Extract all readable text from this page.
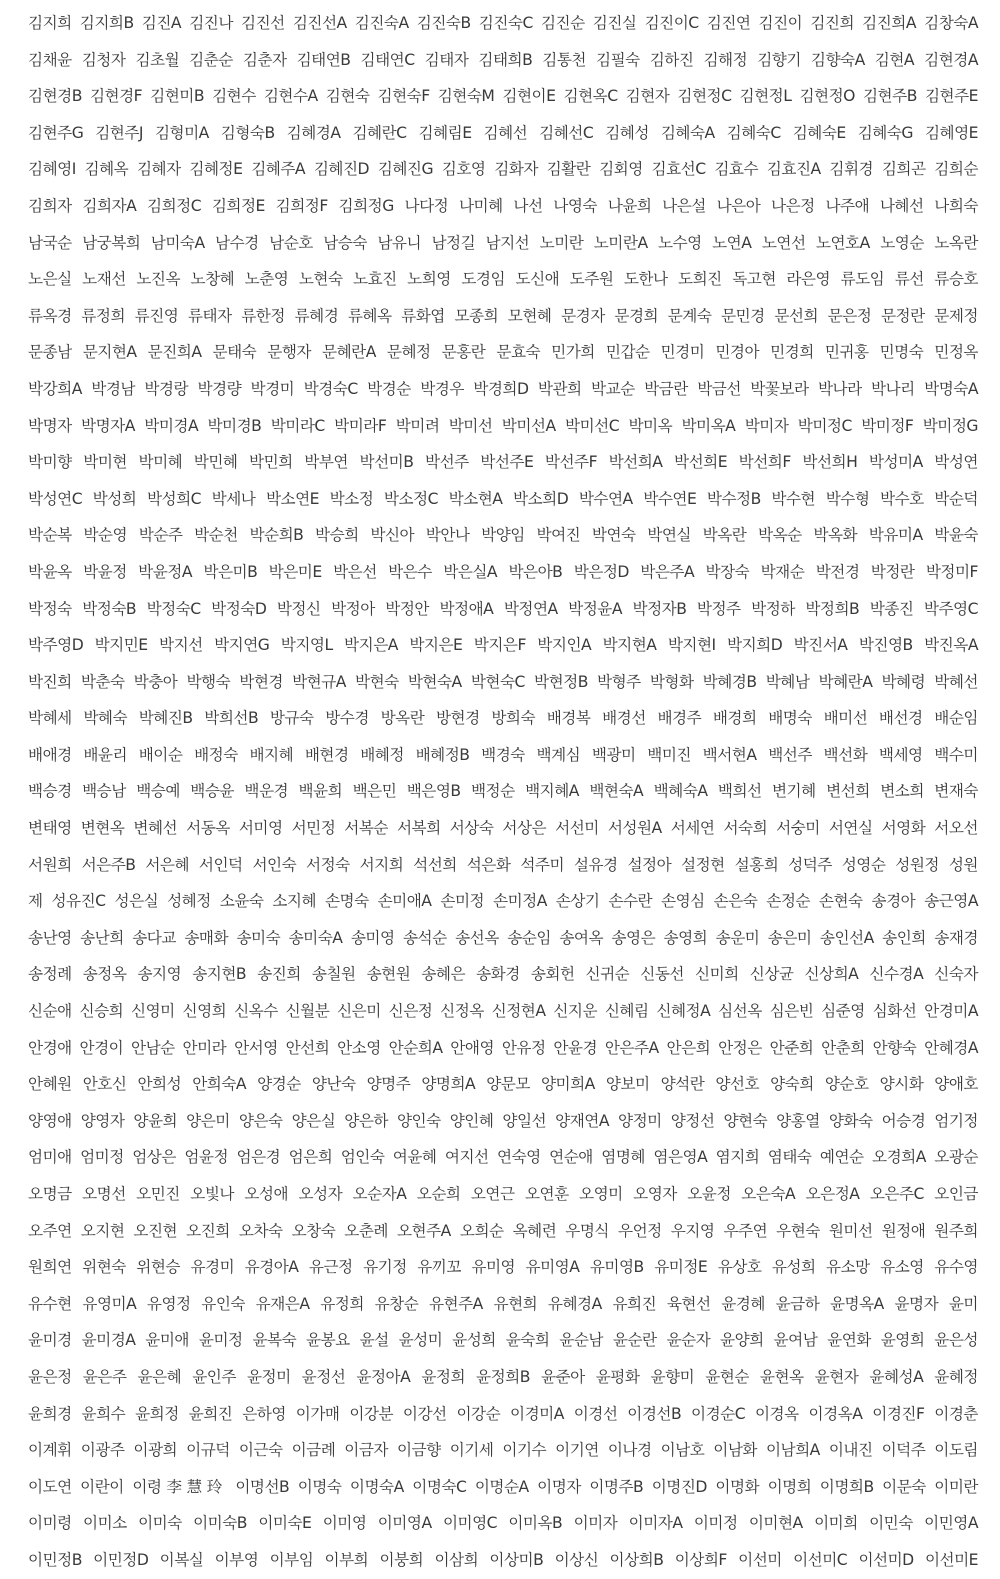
김지희 김지희B 김진A 김진나 김진선 김진선A 김진숙A 김진숙B 김진숙C 김진순 김진실 김진이C 김진연 김진이 김진희 김진희A 김창숙A
김채윤 김청자 김초월 김춘순 김춘자 김태연B 김태연C 김태자 김태희B 김통천 김필숙 김하진 김해정 김향기 김향숙A 김현A 김현경A
김현경B 김현경F 김현미B 김현수 김현수A 김현숙 김현숙F 김현숙M 김현이E 김현옥C 김현자 김현정C 김현정L 김현정O 김현주B 김현주E
김현주G 김현주J 김형미A 김형숙B 김혜경A 김혜란C 김혜림E 김혜선 김혜선C 김혜성 김혜숙A 김혜숙C 김혜숙E 김혜숙G 김혜영E
김혜영I 김혜옥 김혜자 김혜정E 김혜주A 김혜진D 김혜진G 김호영 김화자 김활란 김회영 김효선C 김효수 김효진A 김휘경 김희곤 김희순
김희자 김희자A 김희정C 김희정E 김희정F 김희정G 나다정 나미혜 나선 나영숙 나윤희 나은설 나은아 나은정 나주애 나혜선 나희숙
남국순 남궁복희 남미숙A 남수경 남순호 남승숙 남유니 남정길 남지선 노미란 노미란A 노수영 노연A 노연선 노연호A 노영순 노옥란
노은실 노재선 노진옥 노창혜 노춘영 노현숙 노효진 노희영 도경임 도신애 도주원 도한나 도희진 독고현 라은영 류도임 류선 류승호
류옥경 류정희 류진영 류태자 류한정 류혜경 류혜옥 류화엽 모종희 모현혜 문경자 문경희 문계숙 문민경 문선희 문은정 문정란 문제정
문종남 문지현A 문진희A 문태숙 문행자 문혜란A 문혜정 문홍란 문효숙 민가희 민갑순 민경미 민경아 민경희 민귀홍 민명숙 민정옥
박강희A 박경남 박경랑 박경량 박경미 박경숙C 박경순 박경우 박경희D 박관희 박교순 박금란 박금선 박꽃보라 박나라 박나리 박명숙A
박명자 박명자A 박미경A 박미경B 박미라C 박미라F 박미려 박미선 박미선A 박미선C 박미옥 박미옥A 박미자 박미정C 박미정F 박미정G
박미향 박미현 박미혜 박민혜 박민희 박부연 박선미B 박선주 박선주E 박선주F 박선희A 박선희E 박선희F 박선희H 박성미A 박성연
박성연C 박성희 박성희C 박세나 박소연E 박소정 박소정C 박소현A 박소희D 박수연A 박수연E 박수정B 박수현 박수형 박수호 박순덕
박순복 박순영 박순주 박순천 박순희B 박승희 박신아 박안나 박양임 박여진 박연숙 박연실 박옥란 박옥순 박옥화 박유미A 박윤숙
박윤옥 박윤정 박윤정A 박은미B 박은미E 박은선 박은수 박은실A 박은아B 박은정D 박은주A 박장숙 박재순 박전경 박정란 박정미F
박정숙 박정숙B 박정숙C 박정숙D 박정신 박정아 박정안 박정애A 박정연A 박정윤A 박정자B 박정주 박정하 박정희B 박종진 박주영C
박주영D 박지민E 박지선 박지연G 박지영L 박지은A 박지은E 박지은F 박지인A 박지현A 박지현I 박지희D 박진서A 박진영B 박진옥A
박진희 박춘숙 박충아 박행숙 박현경 박현규A 박현숙 박현숙A 박현숙C 박현정B 박형주 박형화 박혜경B 박혜남 박혜란A 박혜령 박혜선
박혜세 박혜숙 박혜진B 박희선B 방규숙 방수경 방옥란 방현경 방희숙 배경복 배경선 배경주 배경희 배명숙 배미선 배선경 배순임
배애경 배윤리 배이순 배정숙 배지혜 배현경 배혜정 배혜정B 백경숙 백계심 백광미 백미진 백서현A 백선주 백선화 백세영 백수미
백승경 백승남 백승예 백승윤 백운경 백윤희 백은민 백은영B 백정순 백지혜A 백현숙A 백혜숙A 백희선 변기혜 변선희 변소희 변재숙
변태영 변현옥 변혜선 서동옥 서미영 서민정 서복순 서복희 서상숙 서상은 서선미 서성원A 서세연 서숙희 서숭미 서연실 서영화 서오선
서원희 서은주B 서은혜 서인덕 서인숙 서정숙 서지희 석선희 석은화 석주미 설유경 설정아 설정현 설홍희 성덕주 성영순 성원정 성원
제 성유진C 성은실 성혜정 소윤숙 소지혜 손명숙 손미애A 손미정 손미정A 손상기 손수란 손영심 손은숙 손정순 손현숙 송경아 송근영A
송난영 송난희 송다교 송매화 송미숙 송미숙A 송미영 송석순 송선옥 송순임 송여옥 송영은 송영희 송운미 송은미 송인선A 송인희 송재경
송정례 송정옥 송지영 송지현B 송진희 송칠원 송현원 송혜은 송화경 송회헌 신귀순 신동선 신미희 신상균 신상희A 신수경A 신숙자
신순애 신승희 신영미 신영희 신옥수 신월분 신은미 신은정 신정옥 신정현A 신지운 신혜림 신혜정A 심선옥 심은빈 심준영 심화선 안경미A
안경애 안경이 안남순 안미라 안서영 안선희 안소영 안순희A 안애영 안유정 안윤경 안은주A 안은희 안정은 안준희 안춘희 안향숙 안혜경A
안혜원 안호신 안희성 안희숙A 양경순 양난숙 양명주 양명희A 양문모 양미희A 양보미 양석란 양선호 양숙희 양순호 양시화 양애호
양영애 양영자 양윤희 양은미 양은숙 양은실 양은하 양인숙 양인혜 양일선 양재연A 양정미 양정선 양현숙 양홍열 양화숙 어승경 엄기정
엄미애 엄미정 엄상은 엄윤정 엄은경 엄은희 엄인숙 여윤혜 여지선 연숙영 연순애 염명혜 염은영A 염지희 염태숙 예연순 오경희A 오광순
오명금 오명선 오민진 오빛나 오성애 오성자 오순자A 오순희 오연근 오연훈 오영미 오영자 오윤정 오은숙A 오은정A 오은주C 오인금
오주연 오지현 오진현 오진희 오차숙 오창숙 오춘례 오현주A 오희순 옥혜련 우명식 우언정 우지영 우주연 우현숙 원미선 원정애 원주희
원희연 위현숙 위현승 유경미 유경아A 유근정 유기정 유끼꼬 유미영 유미영A 유미영B 유미정E 유상호 유성희 유소망 유소영 유수영
유수현 유영미A 유영정 유인숙 유재은A 유정희 유창순 유현주A 유현희 유혜경A 유희진 육현선 윤경혜 윤금하 윤명옥A 윤명자 윤미
윤미경 윤미경A 윤미애 윤미정 윤복숙 윤봉요 윤설 윤성미 윤성희 윤숙희 윤순남 윤순란 윤순자 윤양희 윤여남 윤연화 윤영희 윤은성
윤은정 윤은주 윤은혜 윤인주 윤정미 윤정선 윤정아A 윤정희 윤정희B 윤준아 윤평화 윤향미 윤현순 윤현옥 윤현자 윤혜성A 윤혜정
윤희경 윤희수 윤희정 윤희진 은하영 이가매 이강분 이강선 이강순 이경미A 이경선 이경선B 이경순C 이경옥 이경옥A 이경진F 이경춘
이계휘 이광주 이광희 이규덕 이근숙 이금례 이금자 이금향 이기세 이기수 이기연 이나경 이남호 이남화 이남희A 이내진 이덕주 이도림
이도연 이란이 이령李慧玲 이명선B 이명숙 이명숙A 이명숙C 이명순A 이명자 이명주B 이명진D 이명화 이명희 이명희B 이문숙 이미란
이미령 이미소 이미숙 이미숙B 이미숙E 이미영 이미영A 이미영C 이미옥B 이미자 이미자A 이미정 이미현A 이미희 이민숙 이민영A
이민정B 이민정D 이복실 이부영 이부임 이부희 이붕희 이삼희 이상미B 이상신 이상희B 이상희F 이선미 이선미C 이선미D 이선미E
